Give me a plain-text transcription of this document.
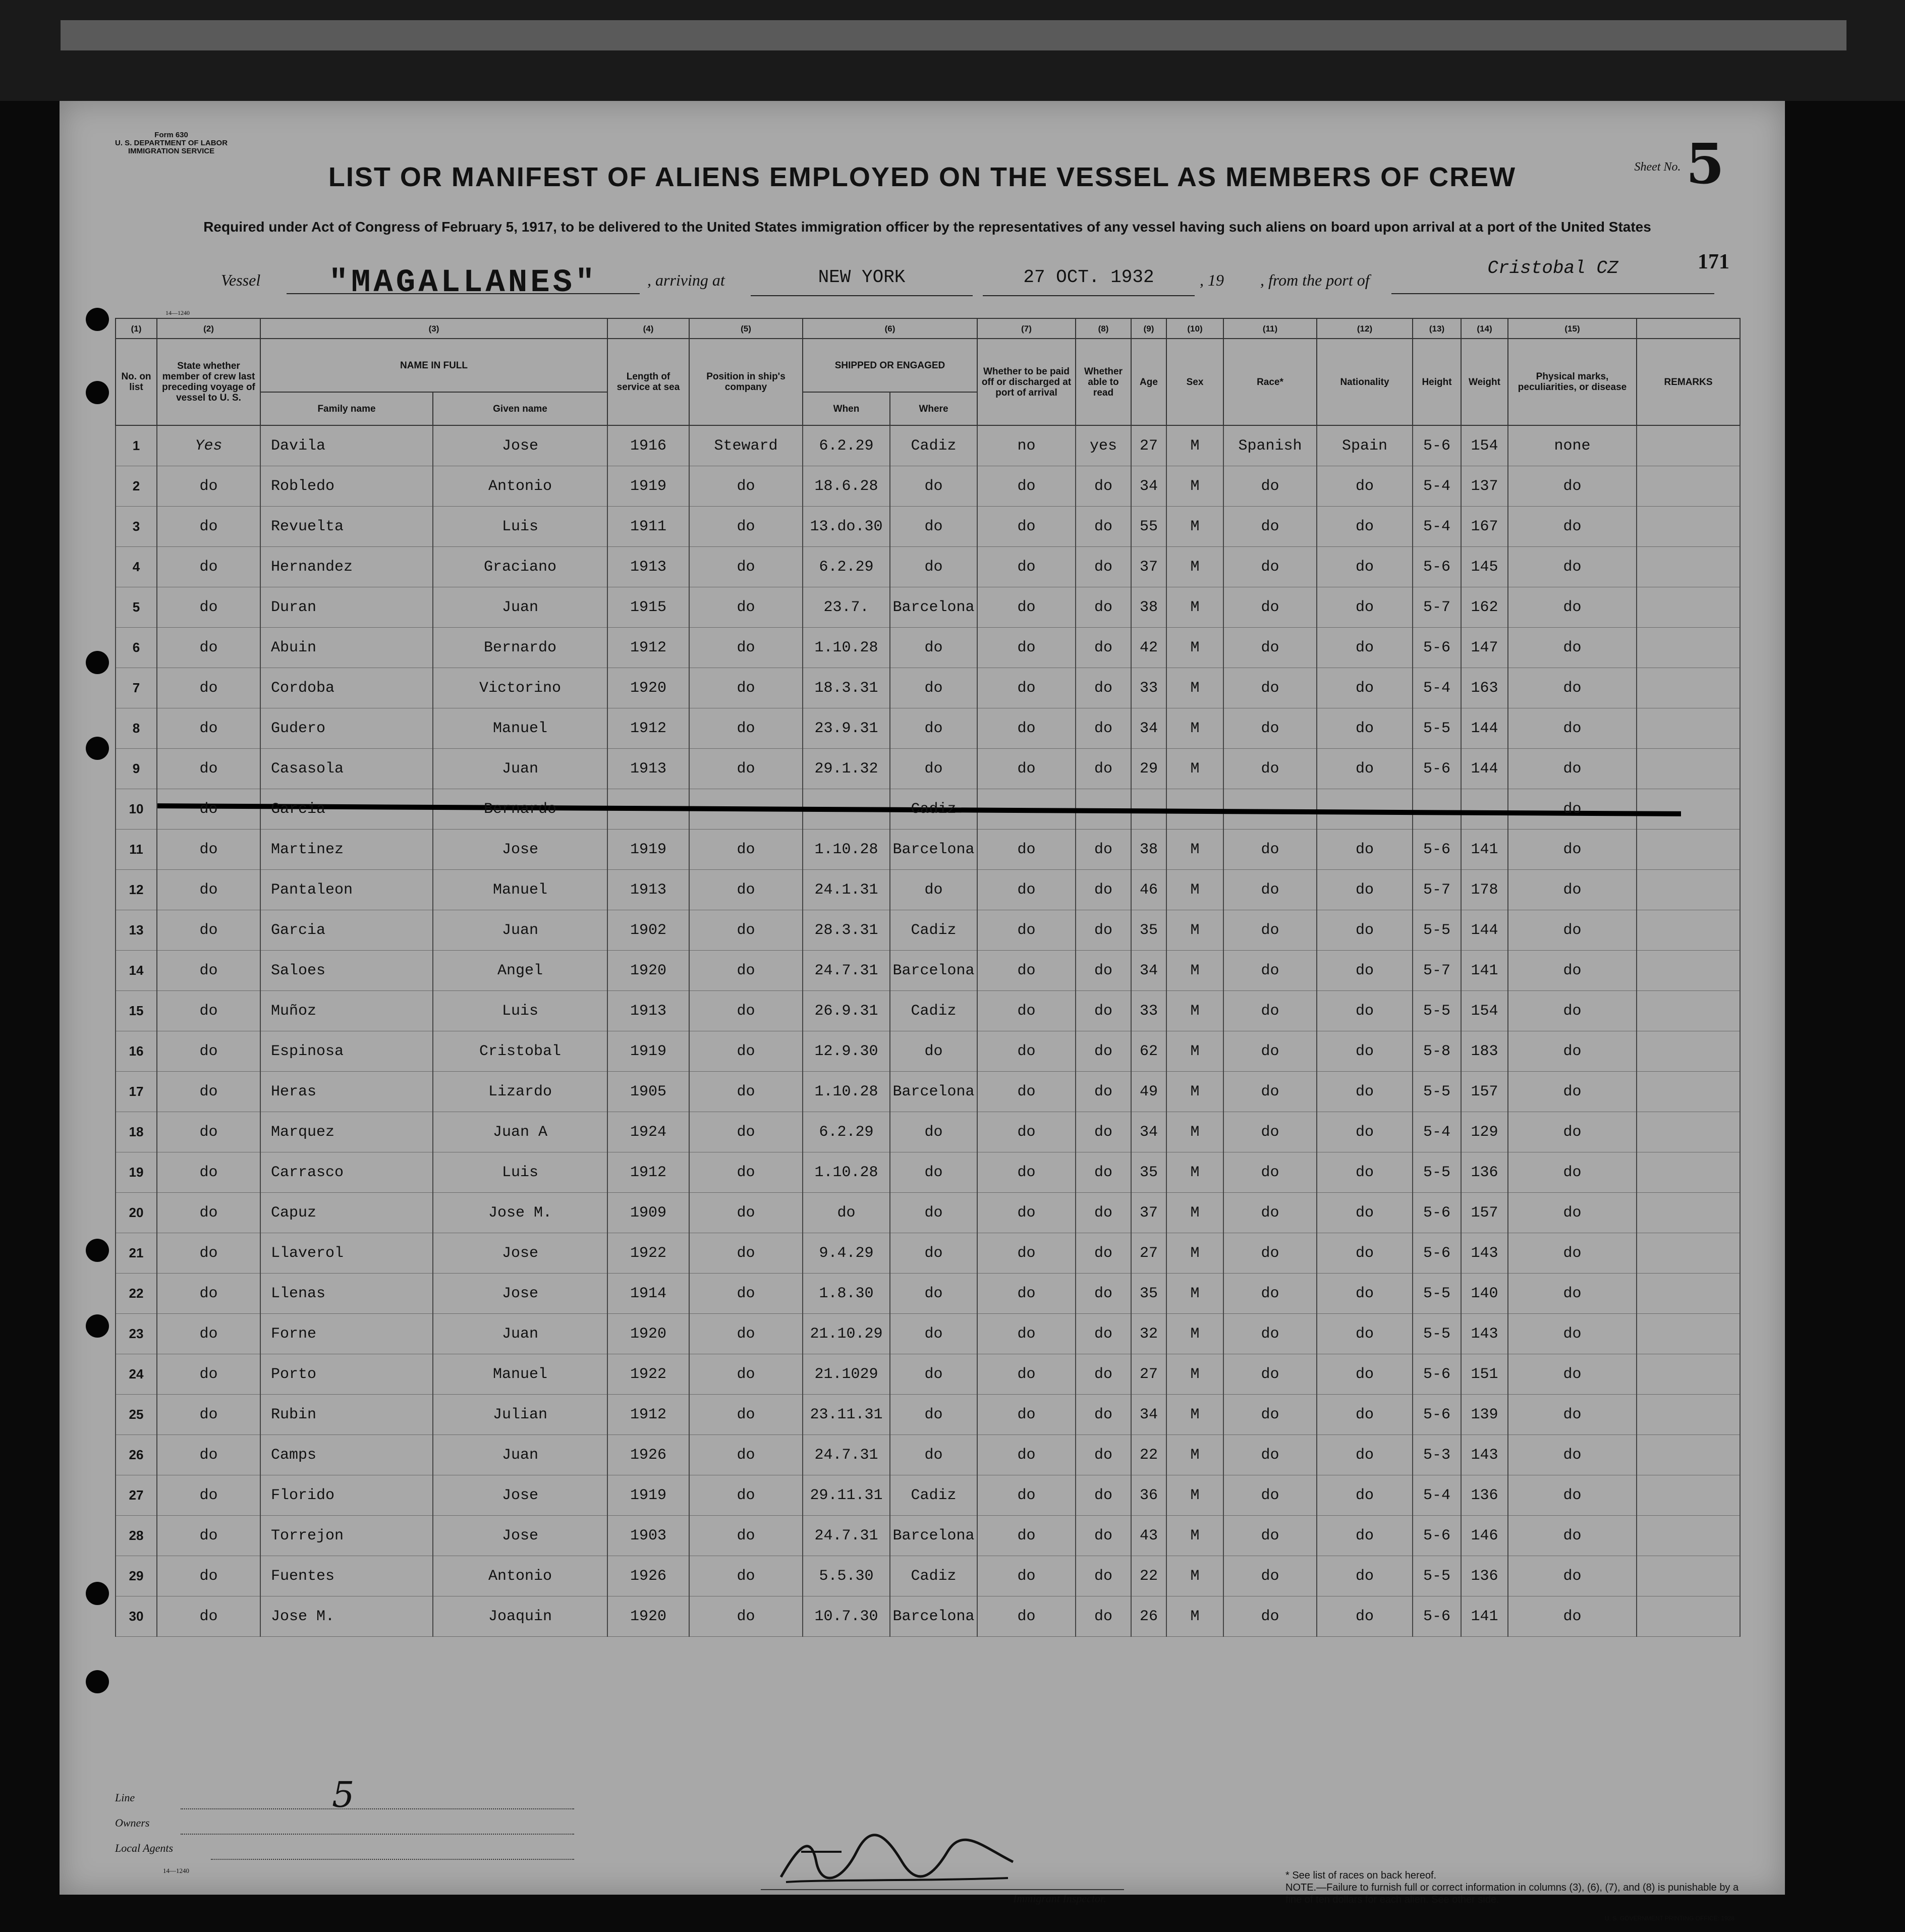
Form 630
U. S. DEPARTMENT OF LABOR
IMMIGRATION SERVICE
Sheet No.5
LIST OR MANIFEST OF ALIENS EMPLOYED ON THE VESSEL AS MEMBERS OF CREW
Required under Act of Congress of February 5, 1917, to be delivered to the United States immigration officer by the representatives of any vessel having such aliens on board upon arrival at a port of the United States
171
Vessel	"MAGALLANES"	, arriving at	NEW YORK	27 OCT. 1932	, 19 , from the port of
Cristobal CZ
14—1240
(1)	(2)	(3)		(4)	(5)	(6)		(7)	(8)	(9)	(10)	(11)	(12)	(13)	(14)	(15)	
No. on list	State whether member of crew last preceding voyage of vessel to U. S.	NAME IN FULL		Length of service at sea	Position in ship's company	SHIPPED OR ENGAGED		Whether to be paid off or discharged at port of arrival	Whether able to read	Age	Sex	Race*	Nationality	Height	Weight	Physical marks, peculiarities, or disease	REMARKS
		Family name	Given name			When	Where										
1	Yes	Davila	Jose	1916	Steward	6.2.29	Cadiz	no	yes	27	M	Spanish	Spain	5-6	154	none	
2	do	Robledo	Antonio	1919	do	18.6.28	do	do	do	34	M	do	do	5-4	137	do	
3	do	Revuelta	Luis	1911	do	13.do.30	do	do	do	55	M	do	do	5-4	167	do	
4	do	Hernandez	Graciano	1913	do	6.2.29	do	do	do	37	M	do	do	5-6	145	do	
5	do	Duran	Juan	1915	do	23.7.	Barcelona	do	do	38	M	do	do	5-7	162	do	
6	do	Abuin	Bernardo	1912	do	1.10.28	do	do	do	42	M	do	do	5-6	147	do	
7	do	Cordoba	Victorino	1920	do	18.3.31	do	do	do	33	M	do	do	5-4	163	do	
8	do	Gudero	Manuel	1912	do	23.9.31	do	do	do	34	M	do	do	5-5	144	do	
9	do	Casasola	Juan	1913	do	29.1.32	do	do	do	29	M	do	do	5-6	144	do	
10	do	Garcia	Bernardo				Cadiz									do	
11	do	Martinez	Jose	1919	do	1.10.28	Barcelona	do	do	38	M	do	do	5-6	141	do	
12	do	Pantaleon	Manuel	1913	do	24.1.31	do	do	do	46	M	do	do	5-7	178	do	
13	do	Garcia	Juan	1902	do	28.3.31	Cadiz	do	do	35	M	do	do	5-5	144	do	
14	do	Saloes	Angel	1920	do	24.7.31	Barcelona	do	do	34	M	do	do	5-7	141	do	
15	do	Muñoz	Luis	1913	do	26.9.31	Cadiz	do	do	33	M	do	do	5-5	154	do	
16	do	Espinosa	Cristobal	1919	do	12.9.30	do	do	do	62	M	do	do	5-8	183	do	
17	do	Heras	Lizardo	1905	do	1.10.28	Barcelona	do	do	49	M	do	do	5-5	157	do	
18	do	Marquez	Juan A	1924	do	6.2.29	do	do	do	34	M	do	do	5-4	129	do	
19	do	Carrasco	Luis	1912	do	1.10.28	do	do	do	35	M	do	do	5-5	136	do	
20	do	Capuz	Jose M.	1909	do	do	do	do	do	37	M	do	do	5-6	157	do	
21	do	Llaverol	Jose	1922	do	9.4.29	do	do	do	27	M	do	do	5-6	143	do	
22	do	Llenas	Jose	1914	do	1.8.30	do	do	do	35	M	do	do	5-5	140	do	
23	do	Forne	Juan	1920	do	21.10.29	do	do	do	32	M	do	do	5-5	143	do	
24	do	Porto	Manuel	1922	do	21.1029	do	do	do	27	M	do	do	5-6	151	do	
25	do	Rubin	Julian	1912	do	23.11.31	do	do	do	34	M	do	do	5-6	139	do	
26	do	Camps	Juan	1926	do	24.7.31	do	do	do	22	M	do	do	5-3	143	do	
27	do	Florido	Jose	1919	do	29.11.31	Cadiz	do	do	36	M	do	do	5-4	136	do	
28	do	Torrejon	Jose	1903	do	24.7.31	Barcelona	do	do	43	M	do	do	5-6	146	do	
29	do	Fuentes	Antonio	1926	do	5.5.30	Cadiz	do	do	22	M	do	do	5-5	136	do	
30	do	Jose M.	Joaquin	1920	do	10.7.30	Barcelona	do	do	26	M	do	do	5-6	141	do	
Line	5
Owners
Local Agents
14—1240
Immigrant Inspector.
* See list of races on back hereof.
NOTE.—Failure to furnish full or correct information in columns (3), (6), (7), and (8) is punishable by a fine of ten dollars for each alien. See other side.
U. S. GOVERNMENT PRINTING OFFICE: 1928
